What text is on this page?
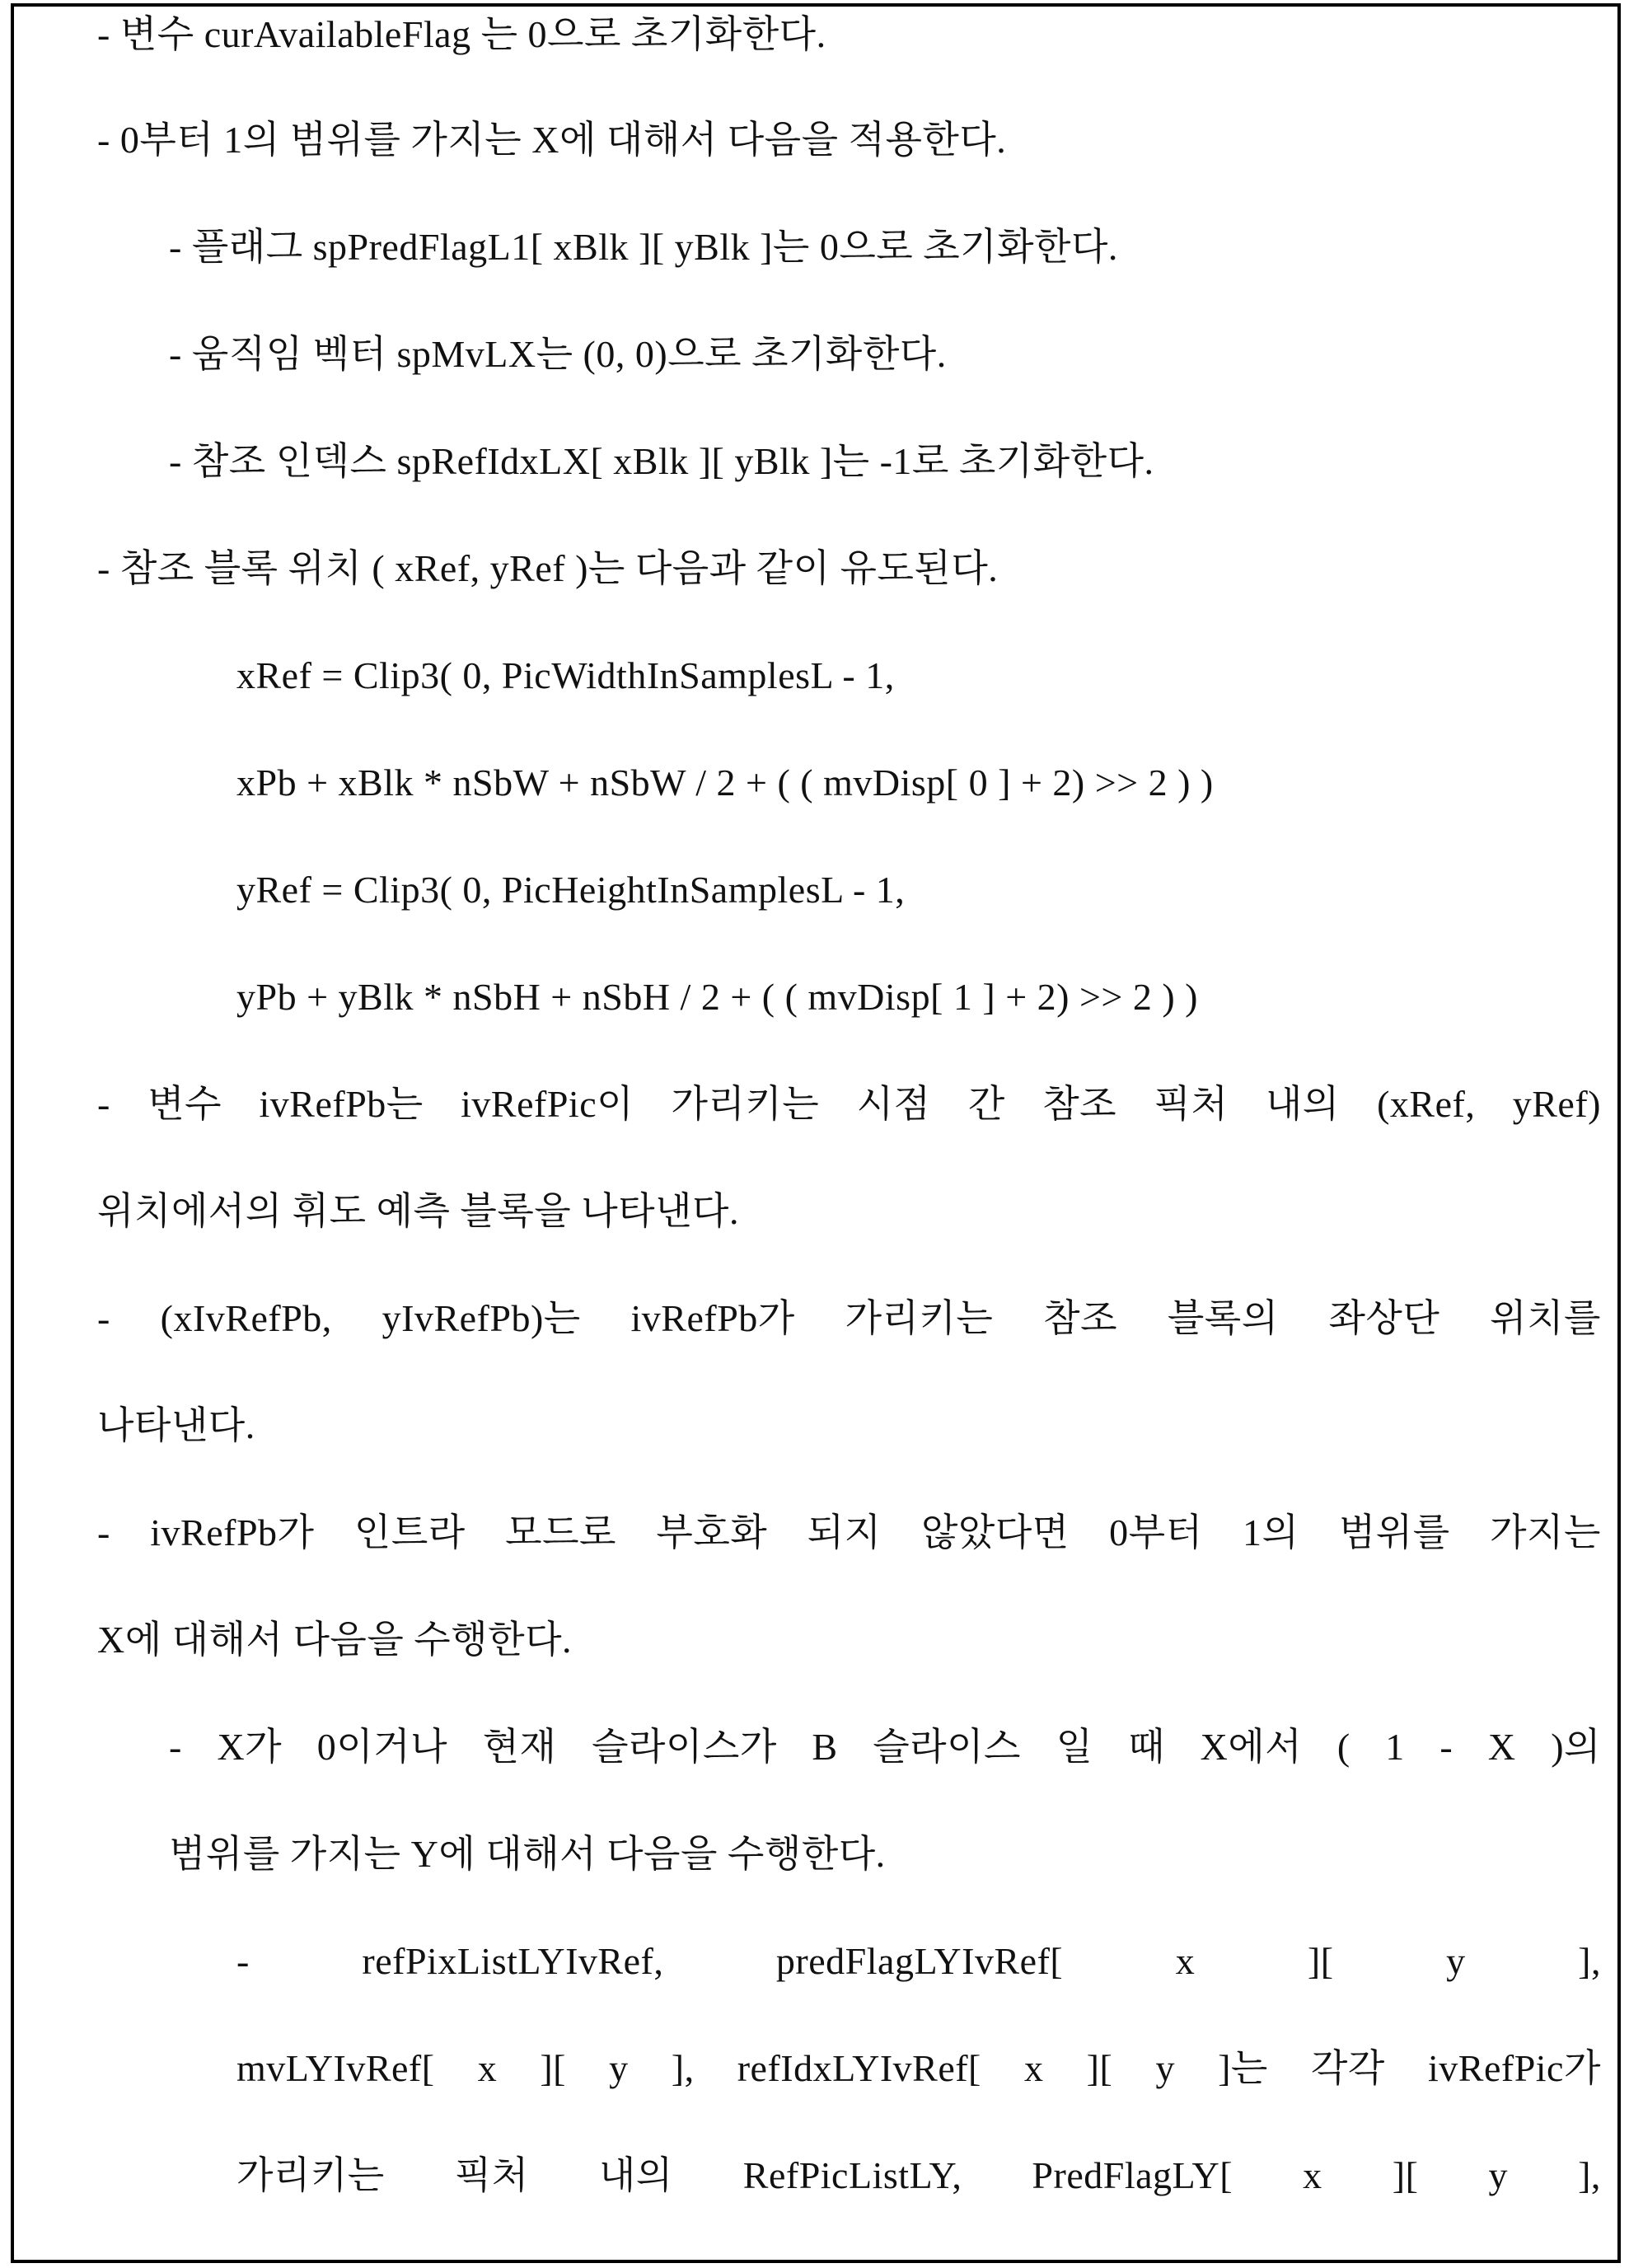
- 변수 curAvailableFlag 는 0으로 초기화한다.
- 0부터 1의 범위를 가지는 X에 대해서 다음을 적용한다.
- 플래그 spPredFlagL1[ xBlk ][ yBlk ]는 0으로 초기화한다.
- 움직임 벡터 spMvLX는 (0, 0)으로 초기화한다.
- 참조 인덱스 spRefIdxLX[ xBlk ][ yBlk ]는 -1로 초기화한다.
- 참조 블록 위치 ( xRef, yRef )는 다음과 같이 유도된다.
xRef = Clip3( 0, PicWidthInSamplesL - 1,
xPb + xBlk * nSbW + nSbW / 2 + ( ( mvDisp[ 0 ] + 2) >> 2 ) )
yRef = Clip3( 0, PicHeightInSamplesL - 1,
yPb + yBlk * nSbH + nSbH / 2 + ( ( mvDisp[ 1 ] + 2) >> 2 ) )
- 변수 ivRefPb는 ivRefPic이 가리키는 시점 간 참조 픽처 내의 (xRef, yRef)
위치에서의 휘도 예측 블록을 나타낸다.
- (xIvRefPb, yIvRefPb)는 ivRefPb가 가리키는 참조 블록의 좌상단 위치를
나타낸다.
- ivRefPb가 인트라 모드로 부호화 되지 않았다면 0부터 1의 범위를 가지는
X에 대해서 다음을 수행한다.
- X가 0이거나 현재 슬라이스가 B 슬라이스 일 때 X에서 ( 1 - X )의
범위를 가지는 Y에 대해서 다음을 수행한다.
-	refPixListLYIvRef,	predFlagLYIvRef[	x	][	y	],
mvLYIvRef[ x ][ y ], refIdxLYIvRef[ x ][ y ]는 각각 ivRefPic가
가리키는 픽처 내의 RefPicListLY, PredFlagLY[ x ][ y ],
